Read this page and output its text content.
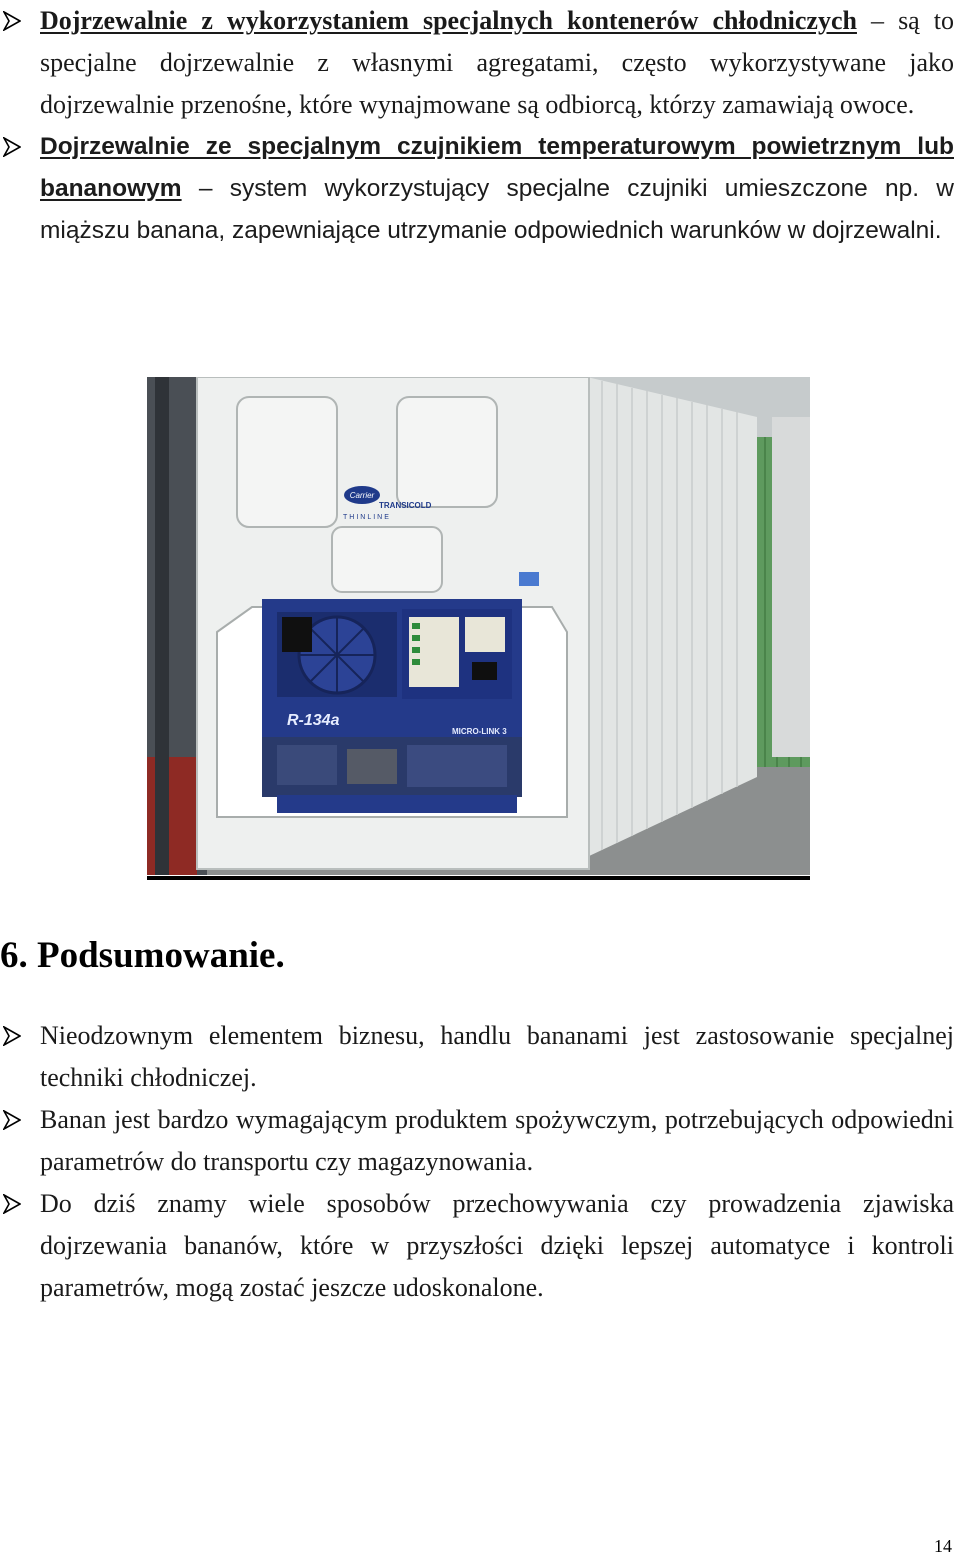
Dojrzewalnie z wykorzystaniem specjalnych kontenerów chłodniczych – są to specjalne dojrzewalnie z własnymi agregatami, często wykorzystywane jako dojrzewalnie przenośne, które wynajmowane są odbiorcą, którzy zamawiają owoce.

Dojrzewalnie ze specjalnym czujnikiem temperaturowym powietrznym lub bananowym – system wykorzystujący specjalne czujniki umieszczone np. w miąższu banana, zapewniające utrzymanie odpowiednich warunków w dojrzewalni.

Carrier
TRANSICOLD
THINLINE
R-134a
MICRO-LINK 3
6. Podsumowanie.

Nieodzownym elementem biznesu, handlu bananami jest zastosowanie specjalnej techniki chłodniczej.

Banan jest bardzo wymagającym produktem spożywczym, potrzebujących odpowiedni parametrów do transportu czy magazynowania.

Do dziś znamy wiele sposobów przechowywania czy prowadzenia zjawiska dojrzewania bananów, które w przyszłości dzięki lepszej automatyce i kontroli parametrów, mogą zostać jeszcze udoskonalone.

14
